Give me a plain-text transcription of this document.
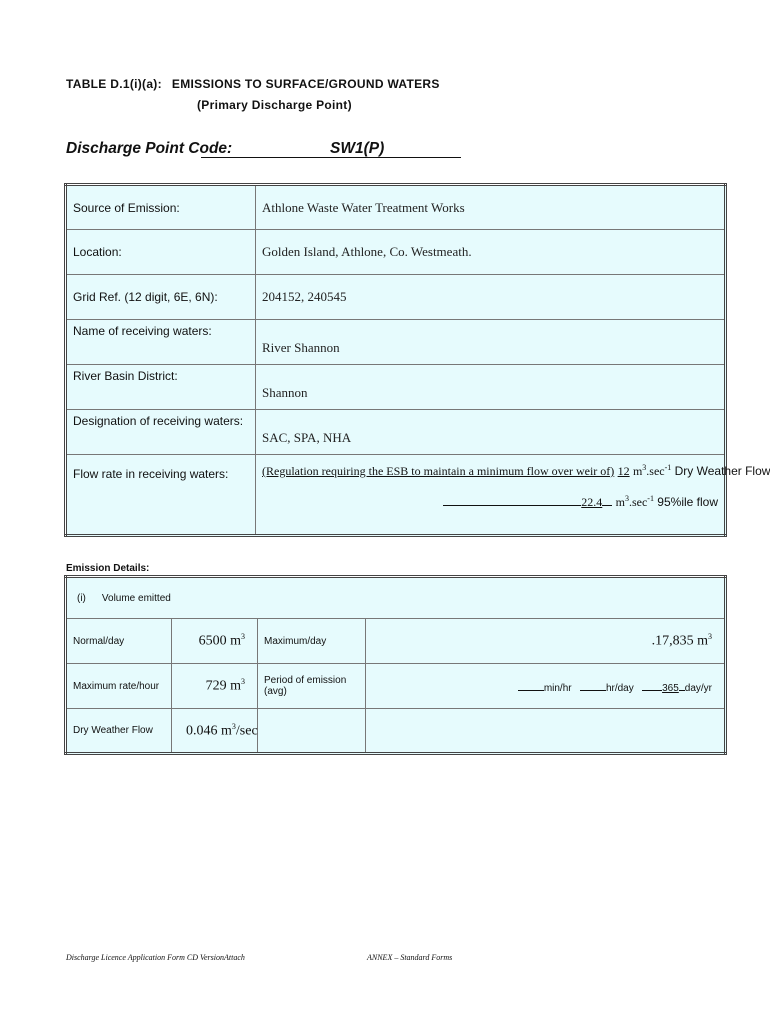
TABLE D.1(i)(a): EMISSIONS TO SURFACE/GROUND WATERS
(Primary Discharge Point)
Discharge Point Code:	SW1(P)
Source of Emission:	Athlone Waste Water Treatment Works
Location:	Golden Island, Athlone, Co. Westmeath.
Grid Ref. (12 digit, 6E, 6N):	204152, 240545
Name of receiving waters:	River Shannon
River Basin District:	Shannon
Designation of receiving waters:	SAC, SPA, NHA
Flow rate in receiving waters:	(Regulation requiring the ESB to maintain a minimum flow over weir of) 12 $m^3.\sec^{-1}$ Dry Weather Flow
22.4 $m^3.\sec^{-1}$ 95%ile flow
Emission Details:
(i) Volume emitted			
Normal/day	6500 $m^3$	Maximum/day	.17,835 $m^3$
Maximum rate/hour	729 $m^3$	Period of emission (avg)	min/hr hr/day 365 day/yr
Dry Weather Flow	0.046 $m^3/\sec$		
Discharge Licence Application Form CD VersionAttach	ANNEX – Standard Forms
